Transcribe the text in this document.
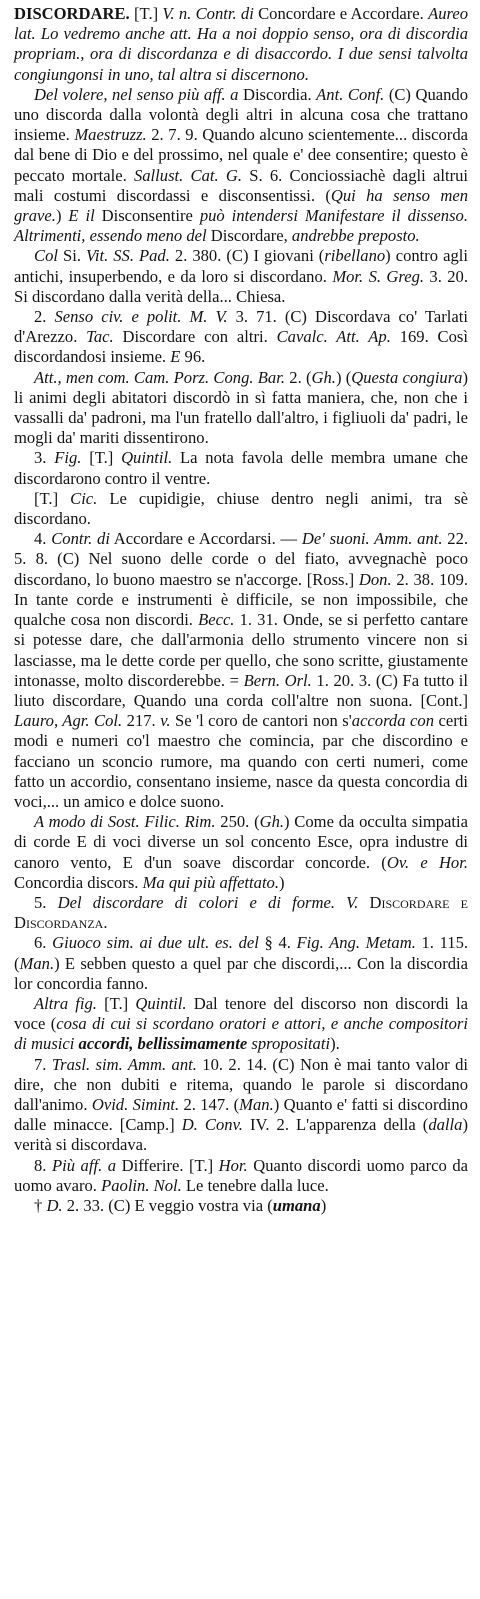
DISCORDARE. [T.] V. n. Contr. di Concordare e Accordare. Aureo lat. Lo vedremo anche att. Ha a noi doppio senso, ora di discordia propriam., ora di discordanza e di disaccordo. I due sensi talvolta congiungonsi in uno, tal altra si discernono.

Del volere, nel senso più aff. a Discordia. Ant. Conf. (C) Quando uno discorda dalla volontà degli altri in alcuna cosa che trattano insieme. Maestruzz. 2. 7. 9. Quando alcuno scientemente... discorda dal bene di Dio e del prossimo, nel quale e' dee consentire; questo è peccato mortale. Sallust. Cat. G. S. 6. Conciossiachè dagli altrui mali costumi discordassi e disconsentissi. (Qui ha senso men grave.) E il Disconsentire può intendersi Manifestare il dissenso. Altrimenti, essendo meno del Discordare, andrebbe preposto.

Col Si. Vit. SS. Pad. 2. 380. (C) I giovani (ribellano) contro agli antichi, insuperbendo, e da loro si discordano. Mor. S. Greg. 3. 20. Si discordano dalla verità della... Chiesa.

2. Senso civ. e polit. M. V. 3. 71. (C) Discordava co' Tarlati d'Arezzo. Tac. Discordare con altri. Cavalc. Att. Ap. 169. Così discordandosi insieme. E 96.

Att., men com. Cam. Porz. Cong. Bar. 2. (Gh.) (Questa congiura) li animi degli abitatori discordò in sì fatta maniera, che, non che i vassalli da' padroni, ma l'un fratello dall'altro, i figliuoli da' padri, le mogli da' mariti dissentirono.

3. Fig. [T.] Quintil. La nota favola delle membra umane che discordarono contro il ventre.

[T.] Cic. Le cupidigie, chiuse dentro negli animi, tra sè discordano.

4. Contr. di Accordare e Accordarsi. — De' suoni. Amm. ant. 22. 5. 8. (C) Nel suono delle corde o del fiato, avvegnachè poco discordano, lo buono maestro se n'accorge. [Ross.] Don. 2. 38. 109. In tante corde e instrumenti è difficile, se non impossibile, che qualche cosa non discordi. Becc. 1. 31. Onde, se si perfetto cantare si potesse dare, che dall'armonia dello strumento vincere non si lasciasse, ma le dette corde per quello, che sono scritte, giustamente intonasse, molto discorderebbe. = Bern. Orl. 1. 20. 3. (C) Fa tutto il liuto discordare, Quando una corda coll'altre non suona. [Cont.] Lauro, Agr. Col. 217. v. Se 'l coro de cantori non s'accorda con certi modi e numeri co'l maestro che comincia, par che discordino e facciano un sconcio rumore, ma quando con certi numeri, come fatto un accordio, consentano insieme, nasce da questa concordia di voci,... un amico e dolce suono.

A modo di Sost. Filic. Rim. 250. (Gh.) Come da occulta simpatia di corde E di voci diverse un sol concento Esce, opra industre di canoro vento, E d'un soave discordar concorde. (Ov. e Hor. Concordia discors. Ma qui più affettato.)

5. Del discordare di colori e di forme. V. Discordare e Discordanza.

6. Giuoco sim. ai due ult. es. del § 4. Fig. Ang. Metam. 1. 115. (Man.) E sebben questo a quel par che discordi,... Con la discordia lor concordia fanno.

Altra fig. [T.] Quintil. Dal tenore del discorso non discordi la voce (cosa di cui si scordano oratori e attori, e anche compositori di musici accordi, bellissimamente spropositati).

7. Trasl. sim. Amm. ant. 10. 2. 14. (C) Non è mai tanto valor di dire, che non dubiti e ritema, quando le parole si discordano dall'animo. Ovid. Simint. 2. 147. (Man.) Quanto e' fatti si discordino dalle minacce. [Camp.] D. Conv. IV. 2. L'apparenza della (dalla) verità si discordava.

8. Più aff. a Differire. [T.] Hor. Quanto discordi uomo parco da uomo avaro. Paolin. Nol. Le tenebre dalla luce.

† D. 2. 33. (C) E veggio vostra via (umana)
